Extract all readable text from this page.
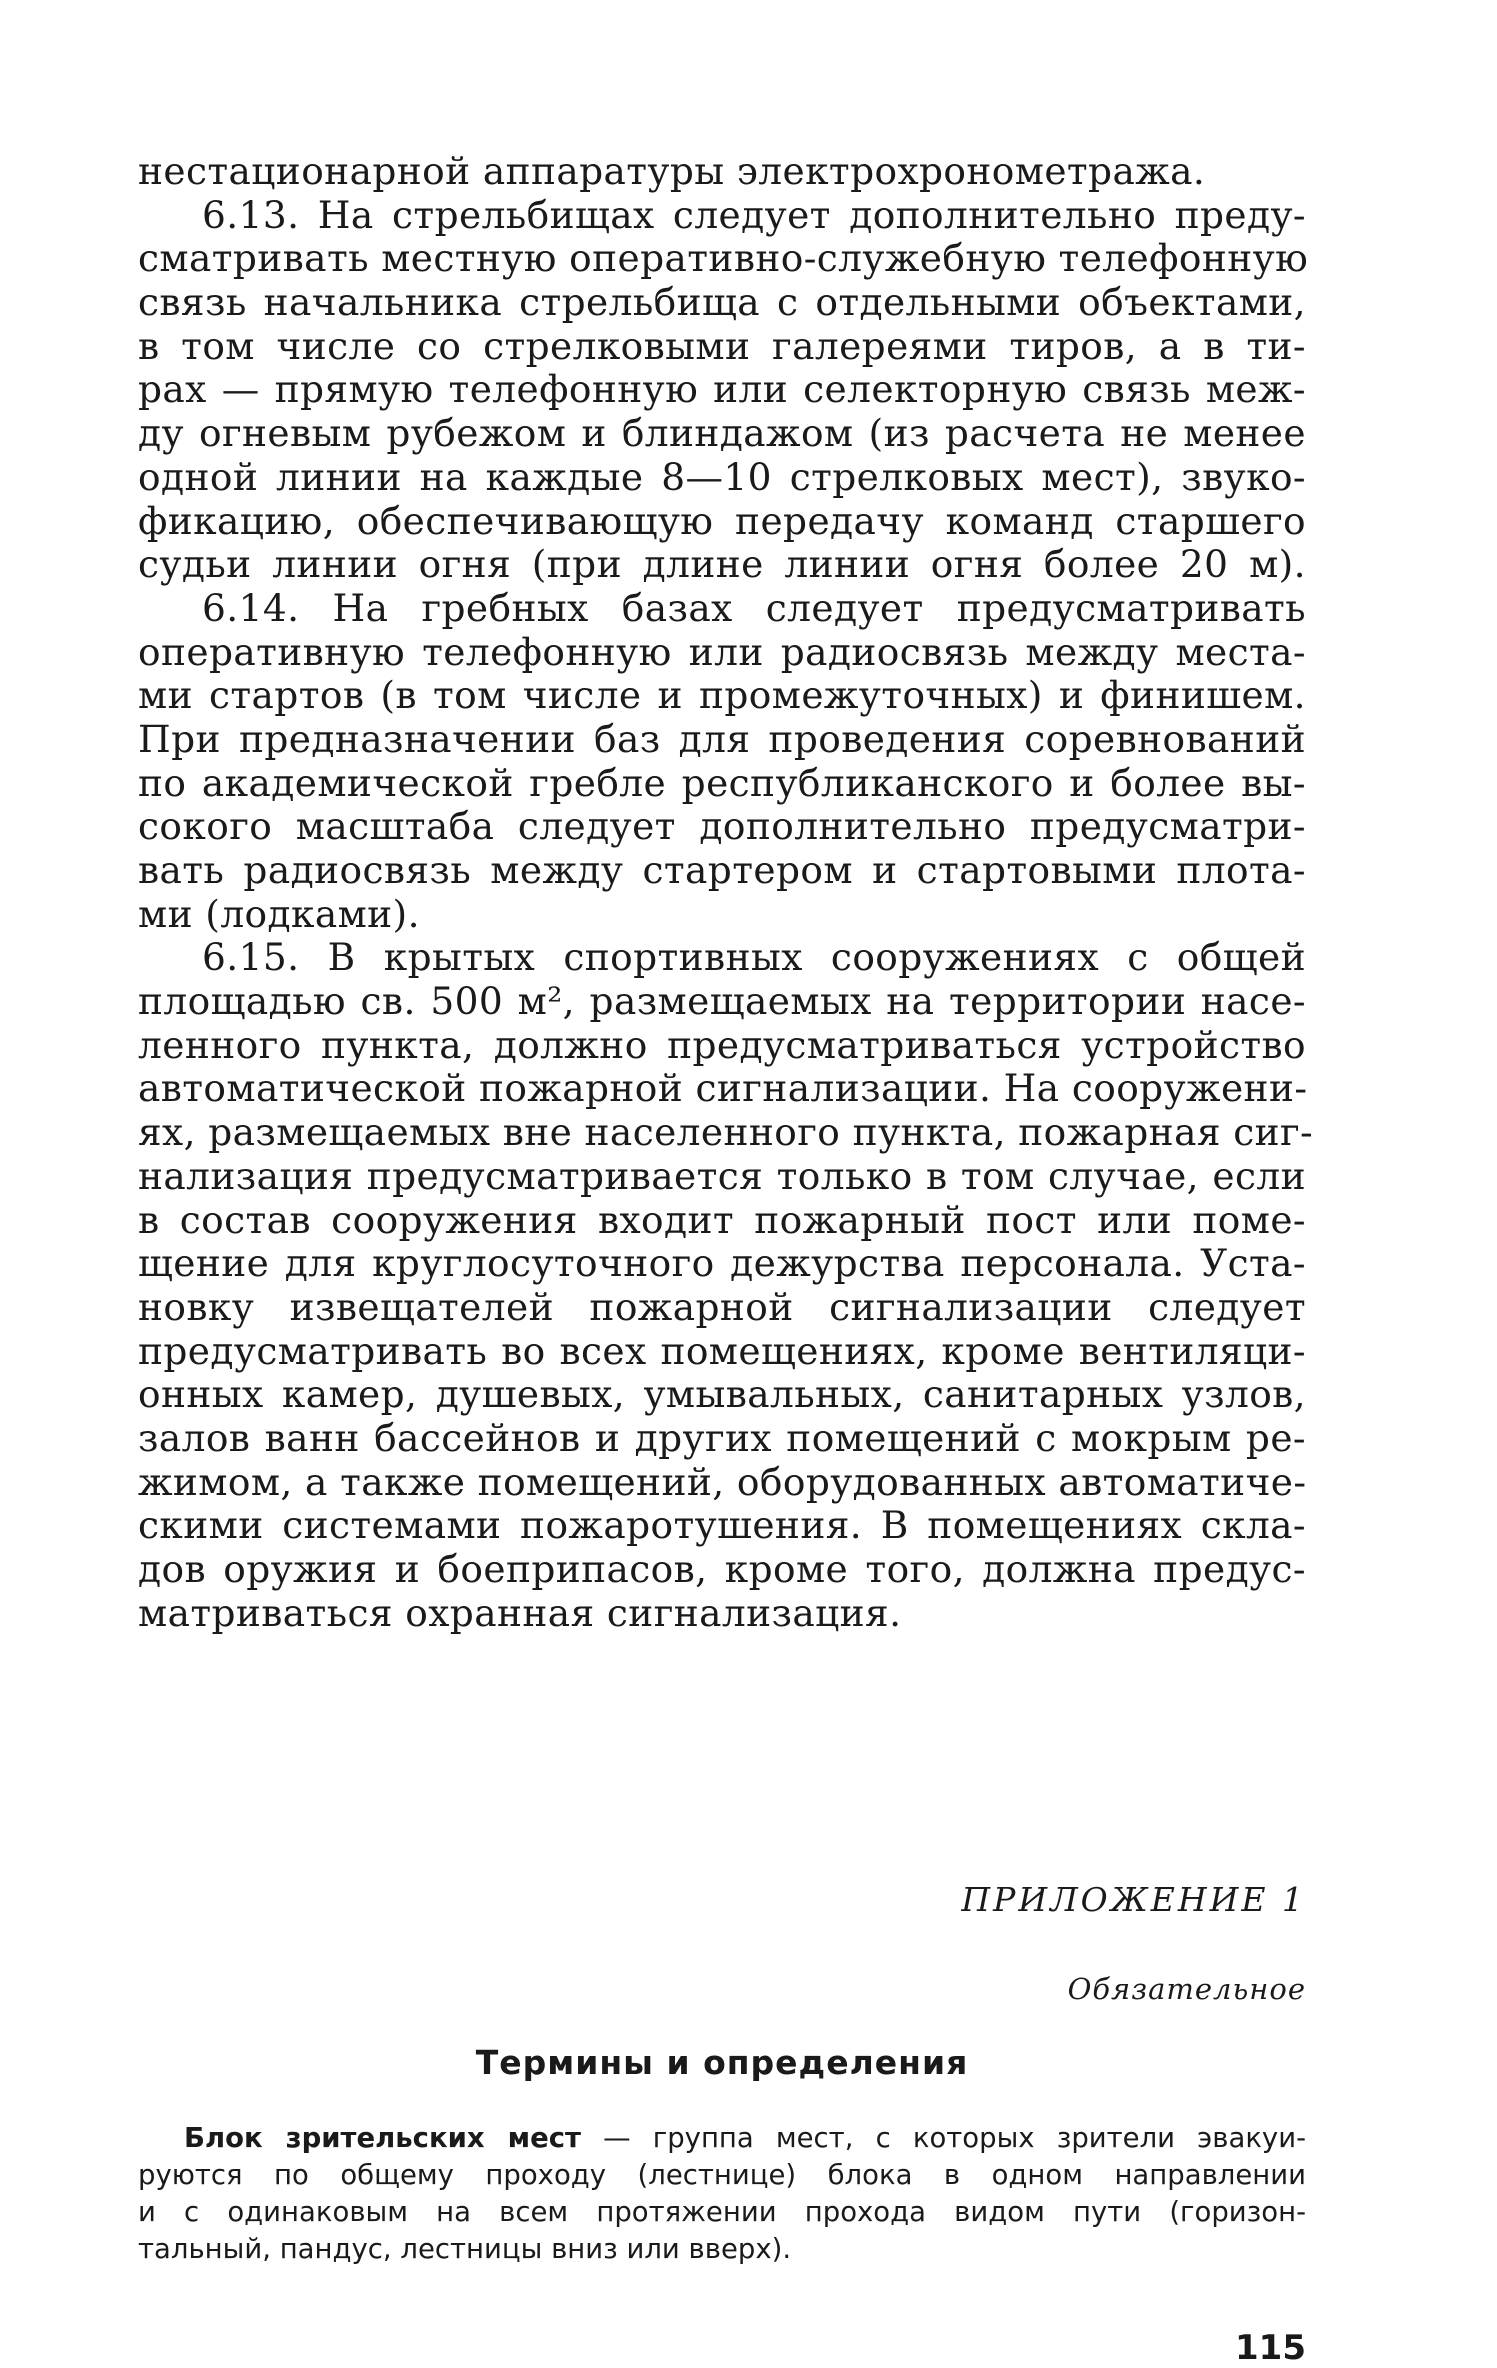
нестационарной аппаратуры электрохронометража.
6.13. На стрельбищах следует дополнительно преду-
сматривать местную оперативно-служебную телефонную
связь начальника стрельбища с отдельными объектами,
в том числе со стрелковыми галереями тиров, а в ти-
рах — прямую телефонную или селекторную связь меж-
ду огневым рубежом и блиндажом (из расчета не менее
одной линии на каждые 8—10 стрелковых мест), звуко-
фикацию, обеспечивающую передачу команд старшего
судьи линии огня (при длине линии огня более 20 м).
6.14. На гребных базах следует предусматривать
оперативную телефонную или радиосвязь между места-
ми стартов (в том числе и промежуточных) и финишем.
При предназначении баз для проведения соревнований
по академической гребле республиканского и более вы-
сокого масштаба следует дополнительно предусматри-
вать радиосвязь между стартером и стартовыми плота-
ми (лодками).
6.15. В крытых спортивных сооружениях с общей
площадью св. 500 м², размещаемых на территории насе-
ленного пункта, должно предусматриваться устройство
автоматической пожарной сигнализации. На сооружени-
ях, размещаемых вне населенного пункта, пожарная сиг-
нализация предусматривается только в том случае, если
в состав сооружения входит пожарный пост или поме-
щение для круглосуточного дежурства персонала. Уста-
новку извещателей пожарной сигнализации следует
предусматривать во всех помещениях, кроме вентиляци-
онных камер, душевых, умывальных, санитарных узлов,
залов ванн бассейнов и других помещений с мокрым ре-
жимом, а также помещений, оборудованных автоматиче-
скими системами пожаротушения. В помещениях скла-
дов оружия и боеприпасов, кроме того, должна предус-
матриваться охранная сигнализация.
ПРИЛОЖЕНИЕ 1
Обязательное
Термины и определения
Блок зрительских мест — группа мест, с которых зрители эвакуи-
руются по общему проходу (лестнице) блока в одном направлении
и с одинаковым на всем протяжении прохода видом пути (горизон-
тальный, пандус, лестницы вниз или вверх).
115
